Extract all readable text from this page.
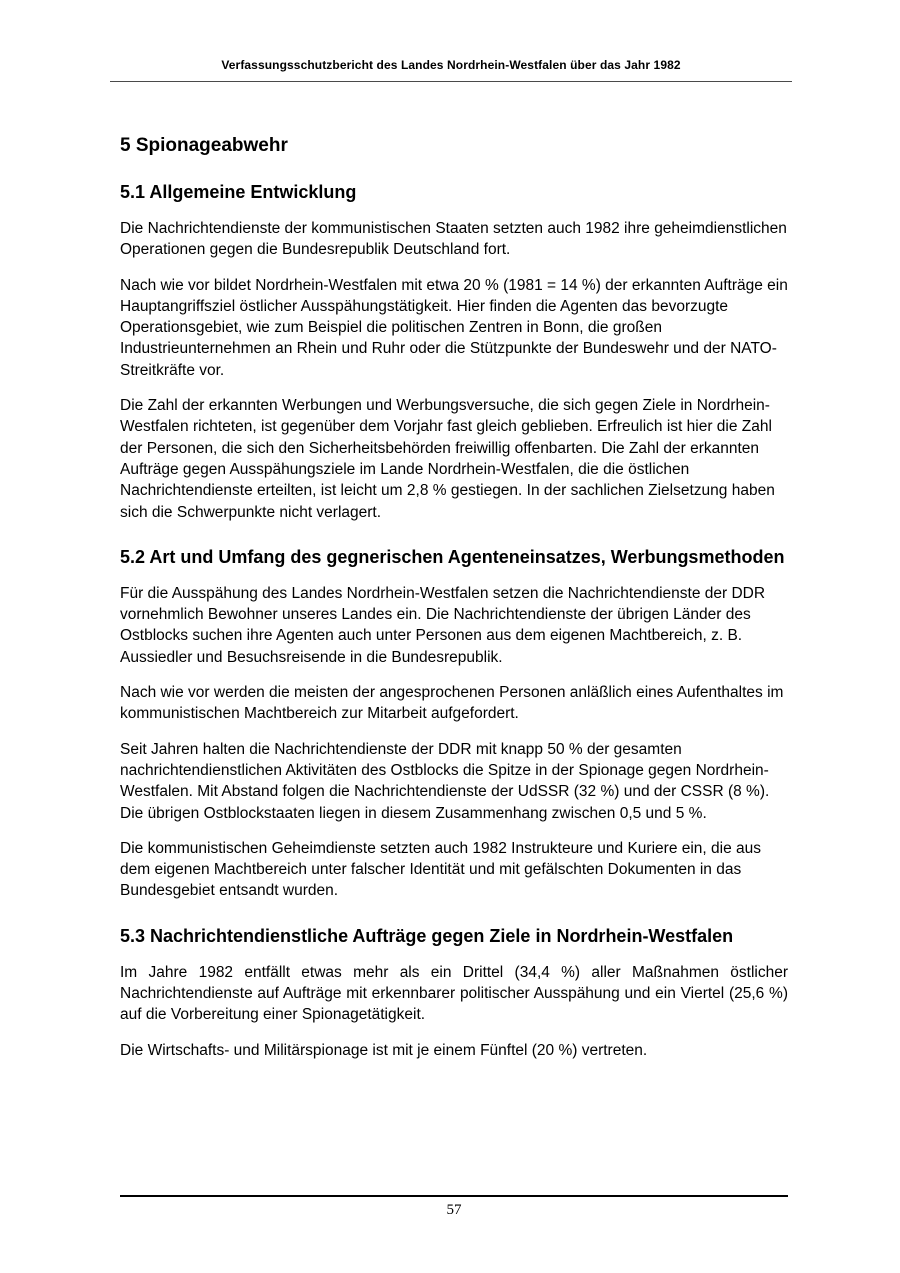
Verfassungsschutzbericht des Landes Nordrhein-Westfalen über das Jahr 1982
5 Spionageabwehr
5.1 Allgemeine Entwicklung

Die Nachrichtendienste der kommunistischen Staaten setzten auch 1982 ihre geheimdienstlichen Operationen gegen die Bundesrepublik Deutschland fort.

Nach wie vor bildet Nordrhein-Westfalen mit etwa 20 % (1981 = 14 %) der erkannten Aufträge ein Hauptangriffsziel östlicher Ausspähungstätigkeit. Hier finden die Agenten das bevorzugte Operationsgebiet, wie zum Beispiel die politischen Zentren in Bonn, die großen Industrieunternehmen an Rhein und Ruhr oder die Stützpunkte der Bundeswehr und der NATO-Streitkräfte vor.

Die Zahl der erkannten Werbungen und Werbungsversuche, die sich gegen Ziele in Nordrhein-Westfalen richteten, ist gegenüber dem Vorjahr fast gleich geblieben. Erfreulich ist hier die Zahl der Personen, die sich den Sicherheitsbehörden freiwillig offenbarten. Die Zahl der erkannten Aufträge gegen Ausspähungsziele im Lande Nordrhein-Westfalen, die die östlichen Nachrichtendienste erteilten, ist leicht um 2,8 % gestiegen. In der sachlichen Zielsetzung haben sich die Schwerpunkte nicht verlagert.

5.2 Art und Umfang des gegnerischen Agenteneinsatzes, Werbungsmethoden

Für die Ausspähung des Landes Nordrhein-Westfalen setzen die Nachrichtendienste der DDR vornehmlich Bewohner unseres Landes ein. Die Nachrichtendienste der übrigen Länder des Ostblocks suchen ihre Agenten auch unter Personen aus dem eigenen Machtbereich, z. B. Aussiedler und Besuchsreisende in die Bundesrepublik.

Nach wie vor werden die meisten der angesprochenen Personen anläßlich eines Aufenthaltes im kommunistischen Machtbereich zur Mitarbeit aufgefordert.

Seit Jahren halten die Nachrichtendienste der DDR mit knapp 50 % der gesamten nachrichtendienstlichen Aktivitäten des Ostblocks die Spitze in der Spionage gegen Nordrhein-Westfalen. Mit Abstand folgen die Nachrichtendienste der UdSSR (32 %) und der CSSR (8 %). Die übrigen Ostblockstaaten liegen in diesem Zusammenhang zwischen 0,5 und 5 %.

Die kommunistischen Geheimdienste setzten auch 1982 Instrukteure und Kuriere ein, die aus dem eigenen Machtbereich unter falscher Identität und mit gefälschten Dokumenten in das Bundesgebiet entsandt wurden.

5.3 Nachrichtendienstliche Aufträge gegen Ziele in Nordrhein-Westfalen

Im Jahre 1982 entfällt etwas mehr als ein Drittel (34,4 %) aller Maßnahmen östlicher Nachrichtendienste auf Aufträge mit erkennbarer politischer Ausspähung und ein Viertel (25,6 %) auf die Vorbereitung einer Spionagetätigkeit.

Die Wirtschafts- und Militärspionage ist mit je einem Fünftel (20 %) vertreten.

57
